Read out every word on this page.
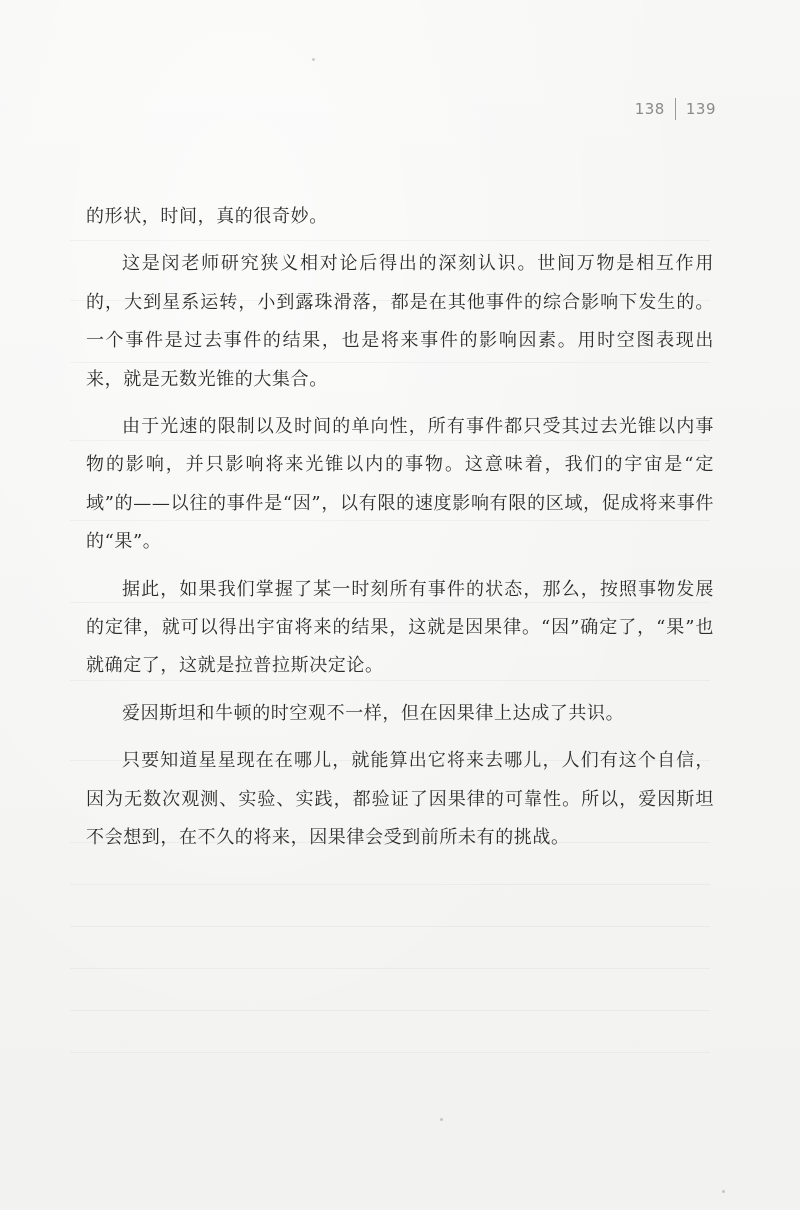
138 139

的形状，时间，真的很奇妙。

这是闵老师研究狭义相对论后得出的深刻认识。世间万物是相互作用的，大到星系运转，小到露珠滑落，都是在其他事件的综合影响下发生的。一个事件是过去事件的结果，也是将来事件的影响因素。用时空图表现出来，就是无数光锥的大集合。

由于光速的限制以及时间的单向性，所有事件都只受其过去光锥以内事物的影响，并只影响将来光锥以内的事物。这意味着，我们的宇宙是“定域”的——以往的事件是“因”，以有限的速度影响有限的区域，促成将来事件的“果”。

据此，如果我们掌握了某一时刻所有事件的状态，那么，按照事物发展的定律，就可以得出宇宙将来的结果，这就是因果律。“因”确定了，“果”也就确定了，这就是拉普拉斯决定论。

爱因斯坦和牛顿的时空观不一样，但在因果律上达成了共识。

只要知道星星现在在哪儿，就能算出它将来去哪儿，人们有这个自信，因为无数次观测、实验、实践，都验证了因果律的可靠性。所以，爱因斯坦不会想到，在不久的将来，因果律会受到前所未有的挑战。
